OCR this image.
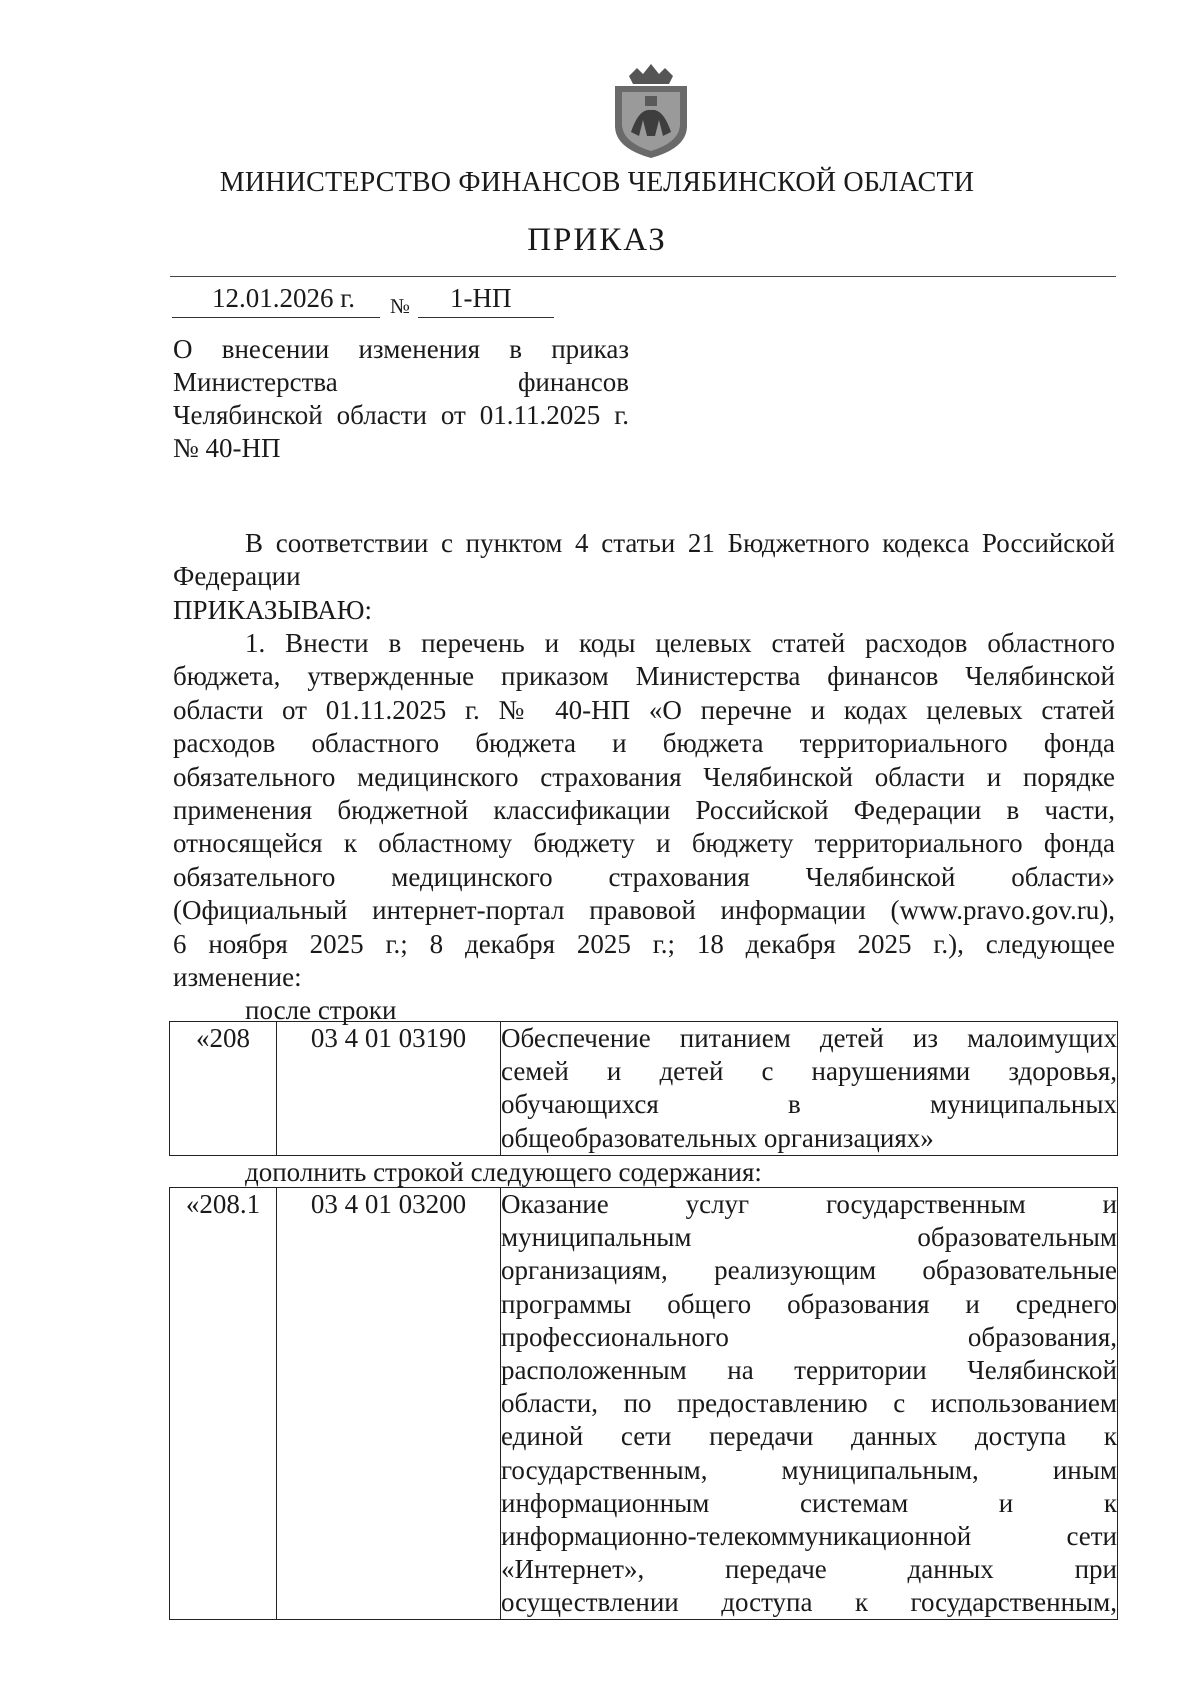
МИНИСТЕРСТВО ФИНАНСОВ ЧЕЛЯБИНСКОЙ ОБЛАСТИ
ПРИКАЗ
12.01.2026 г. № 1-НП
О внесении изменения в приказ
Министерства финансов
Челябинской области от 01.11.2025 г.
№ 40-НП
В соответствии с пунктом 4 статьи 21 Бюджетного кодекса Российской
Федерации
ПРИКАЗЫВАЮ:
1. Внести в перечень и коды целевых статей расходов областного
бюджета, утвержденные приказом Министерства финансов Челябинской
области от 01.11.2025 г. № 40-НП «О перечне и кодах целевых статей
расходов областного бюджета и бюджета территориального фонда
обязательного медицинского страхования Челябинской области и порядке
применения бюджетной классификации Российской Федерации в части,
относящейся к областному бюджету и бюджету территориального фонда
обязательного медицинского страхования Челябинской области»
(Официальный интернет-портал правовой информации (www.pravo.gov.ru),
6 ноября 2025 г.; 8 декабря 2025 г.; 18 декабря 2025 г.), следующее
изменение:
после строки
«208	03 4 01 03190	Обеспечение питанием детей из малоимущих
семей и детей с нарушениями здоровья,
обучающихся в муниципальных
общеобразовательных организациях»
дополнить строкой следующего содержания:
«208.1	03 4 01 03200	Оказание услуг государственным и
муниципальным образовательным
организациям, реализующим образовательные
программы общего образования и среднего
профессионального образования,
расположенным на территории Челябинской
области, по предоставлению с использованием
единой сети передачи данных доступа к
государственным, муниципальным, иным
информационным системам и к
информационно-телекоммуникационной сети
«Интернет», передаче данных при
осуществлении доступа к государственным,
